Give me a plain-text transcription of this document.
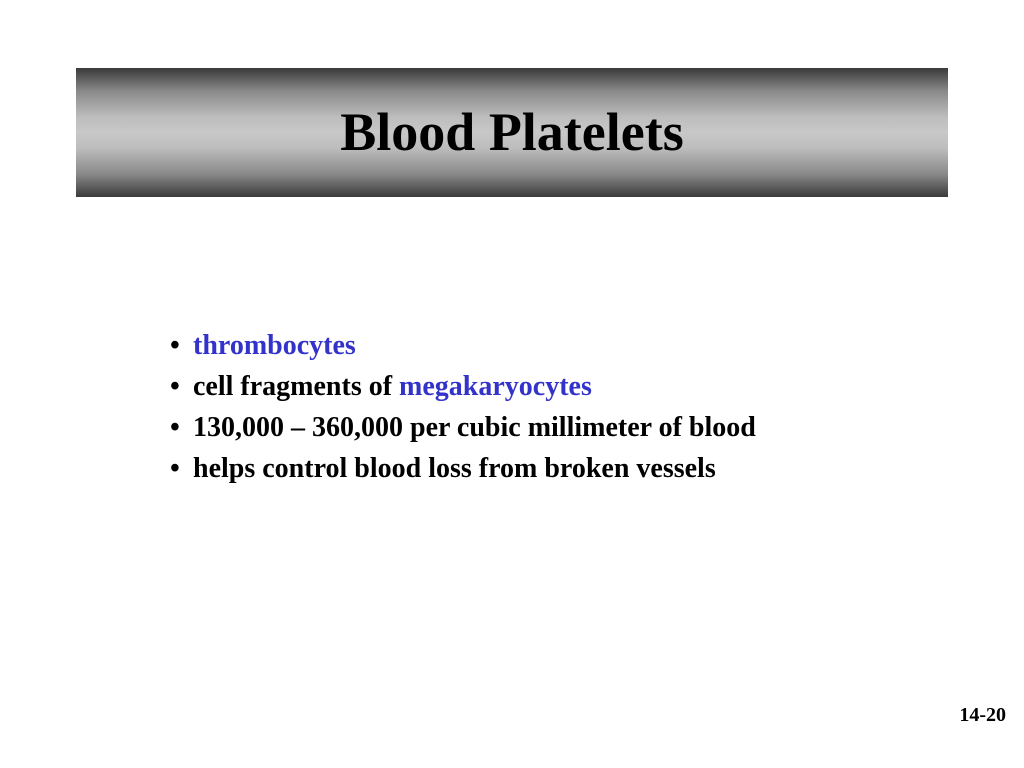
Blood Platelets
• thrombocytes
• cell fragments of megakaryocytes
• 130,000 – 360,000 per cubic millimeter of blood
• helps control blood loss from broken vessels
14-20
